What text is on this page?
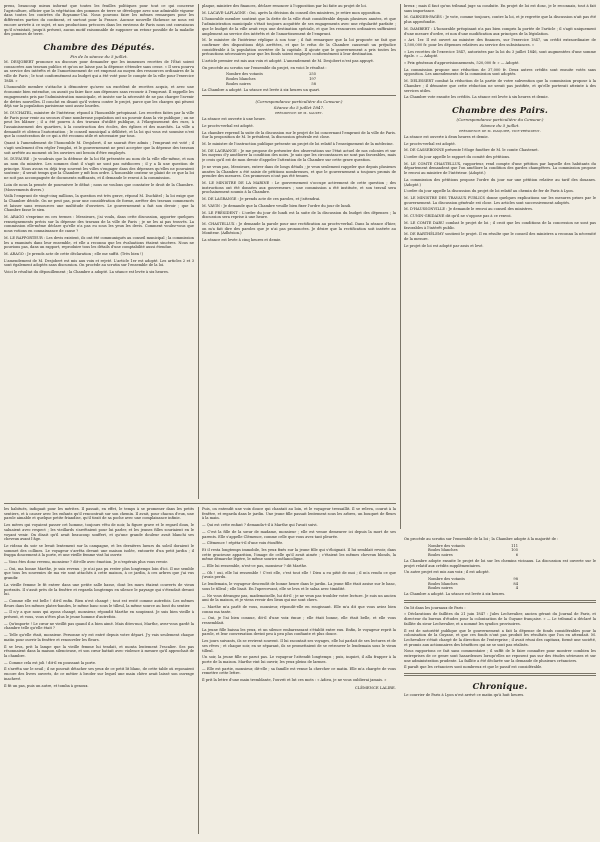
prens, beaucoup mieux informé que toutes les feuilles politiques pour tout ce qui concerne l'agriculture, officier que la végétation des pommes de terre se développe avec une admirable vigueur dans toutes les contrées du Royaume-Uni. Nous pouvons faire les mêmes remarques pour les différentes parties du continent, et surtout pour la France. Aucune nouvelle fâcheuse ne nous est encore arrivée à ce sujet, et nos productions précoces dans les environs de Paris nous ont convaincus qu'il n'existait, jusqu'à présent, aucun motif raisonnable de supposer un retour possible de la maladie des pommes de terre.

Chambre des Députés.
Fin de la séance du 5 juillet.

M. DESJOBERT prononce un discours pour demander que les immenses recettes de l'État soient consacrées aux travaux publics et qu'on ne laisse pas la dépense s'étendre sans cesse. « Il sera pourvu au service des intérêts et de l'amortissement de cet emprunt au moyen des ressources ordinaires de la ville de Paris ; le tout conformément au budget qui a été voté pour le compte de la ville pour l'exercice 1848. »

L'honorable membre s'attache à démontrer qu'avec un excédent de recettes acquis, et avec une économie bien entendue, on aurait pu faire face aux dépenses sans recourir à l'emprunt. Il rappelle les engagements pris par l'administration municipale, et insiste sur la nécessité de ne pas charger l'avenir de dettes nouvelles. Il conclut en disant qu'il votera contre le projet, parce que les charges qui pèsent déjà sur la population parisienne sont assez lourdes.

M. DUCHATEL, ministre de l'intérieur, répond à l'honorable préopinant. Les recettes faites par la ville de Paris pour venir au secours d'une nombreuse population ont un pouvoir dans la vie publique ; on ne peut les blâmer ; il a été pourvu à des travaux d'utilité publique, à l'élargissement des rues, à l'assainissement des quartiers, à la construction des écoles, des églises et des marchés. La ville a demandé et obtenu l'autorisation ; le conseil municipal a délibéré, et la loi qui vous est soumise n'est que la consécration de ce qui a été reconnu utile et nécessaire par tous.

Quant à l'amendement de l'honorable M. Desjobert, il ne saurait être admis ; l'emprunt est voté ; il s'agit seulement d'en régler l'emploi, et le gouvernement ne peut accepter que la dépense des travaux soit arrêtée au moment où les ouvriers ont besoin d'être employés.

M. DUFAURE : Je voudrais que la défense de la loi fût présentée au nom de la ville elle-même, et non au nom du ministre. Les sommes dont il s'agit ne sont pas médiocres ; il y a là une question de principe. Nous avons vu déjà trop souvent les villes s'engager dans des dépenses qu'elles ne pouvaient soutenir ; il serait temps que la Chambre y mît bon ordre. L'honorable orateur se plaint de ce que la loi ne soit pas accompagnée de documents suffisants, et il demande le renvoi à la commission.

Loin de nous la pensée de poursuivre le débat ; nous ne voulons que constater le droit de la Chambre. (Mouvements divers.)

Voilà l'emprunt de vingt-cinq millions, la question est très grave, répond M. Duchâtel ; la loi exige que la Chambre décide. On ne peut pas, pour une considération de forme, arrêter des travaux commencés et laisser sans ressources une multitude d'ouvriers. Le gouvernement a fait son devoir ; que la Chambre fasse le sien.

M. ARAGO s'exprime en ces termes : Messieurs, j'ai voulu, dans cette discussion, apporter quelques renseignements précis sur la dépense des travaux de la ville de Paris ; je ne les ai pas trouvés. La commission elle-même déclare qu'elle n'a pas eu sous les yeux les devis. Comment voulez-vous que nous votions en connaissance de cause ?

M. LE RAPPORTEUR : Les devis existent, ils ont été communiqués au conseil municipal ; la commission les a examinés dans leur ensemble, et elle a reconnu que les évaluations étaient sincères. Nous ne pouvions pas, dans un rapport, reproduire tous les détails d'une comptabilité aussi étendue.

M. ARAGO : Je prends acte de cette déclaration ; elle me suffit. (Très bien !)

L'amendement de M. Desjobert est mis aux voix et rejeté. L'article 1er est adopté. Les articles 2 et 3 sont également adoptés sans discussion. On procède au scrutin sur l'ensemble de la loi.

Voici le résultat du dépouillement ; la Chambre a adopté. La séance est levée à six heures.

plaque, ministre des finances, déclare renoncer à l'opposition par lui faite au projet de loi.

M. LACAVE-LAPLAGNE : Oui, après la décision du conseil des ministres, je retire mon opposition.

L'honorable membre soutient que la dette de la ville était considérable depuis plusieurs années, et que l'administration municipale s'était toujours acquittée de ses engagements avec une régularité parfaite ; que le budget de la ville avait reçu une destination spéciale, et que les ressources ordinaires suffiraient amplement au service des intérêts et de l'amortissement de l'emprunt.

M. le ministre de l'intérieur réplique à son tour ; il fait remarquer que la loi proposée ne fait que confirmer des dispositions déjà arrêtées, et que le refus de la Chambre causerait un préjudice considérable à la population ouvrière de la capitale. Il ajoute que le gouvernement a pris toutes les précautions nécessaires pour que les fonds soient employés conformément à leur destination.

L'article premier est mis aux voix et adopté. L'amendement de M. Desjobert n'est pas appuyé.

On procède au scrutin sur l'ensemble du projet, en voici le résultat :

Nombre des votants	255
Boules blanches	197
Boules noires	58

La Chambre a adopté. La séance est levée à six heures un quart.

(Correspondance particulière du Censeur.)
Séance du 5 juillet 1847.
présidence de m. sauzet.

La séance est ouverte à une heure.

Le procès-verbal est adopté.

La chambre reprend la suite de la discussion sur le projet de loi concernant l'emprunt de la ville de Paris. Sur la proposition de M. le président, la discussion générale est close.

M. le ministre de l'instruction publique présente un projet de loi relatif à l'enseignement de la médecine.

M. DE LAGRANGE : Je me propose de présenter des observations sur l'état actuel de nos colonies et sur les moyens d'y améliorer la condition des noirs. Je sais que les circonstances ne sont pas favorables, mais je crois qu'il est de mon devoir d'appeler l'attention de la Chambre sur cette grave question.

Je ne veux pas, Messieurs, entrer dans de longs détails ; je veux seulement rappeler que depuis plusieurs années la Chambre a été saisie de pétitions nombreuses, et que le gouvernement a toujours promis de prendre des mesures. Ces promesses n'ont pas été tenues.

M. LE MINISTRE DE LA MARINE : Le gouvernement s'occupe activement de cette question ; des instructions ont été données aux gouverneurs ; une commission a été instituée, et son travail sera prochainement soumis à la Chambre.

M. DE LAGRANGE : Je prends acte de ces paroles, et j'attendrai.

M. VAVIN : Je demande que la Chambre veuille bien fixer l'ordre du jour de lundi.

M. LE PRÉSIDENT : L'ordre du jour de lundi est la suite de la discussion du budget des dépenses ; la discussion sera reprise à une heure.

M. CHASTELLUX : Je demande la parole pour une rectification au procès-verbal. Dans la séance d'hier, on m'a fait dire des paroles que je n'ai pas prononcées. Je désire que la rectification soit insérée au Moniteur. (Adhésion.)

La séance est levée à cinq heures et demie.

breux ; mais il faut qu'un tribunal juge sa conduite. En projet de loi est donc, je le reconnais, tout à fait sans importance.

M. GARNIER-PAGÈS : Je vote, comme toujours, contre la loi, et je regrette que la discussion n'ait pas été plus approfondie.

M. DAMBERT : L'honorable préopinant n'a pas bien compris la portée de l'article ; il s'agit uniquement d'une mesure d'ordre, et non d'une modification aux principes de la législation.

« Art. 1er. Il est ouvert au ministre des finances, sur l'exercice 1847, un crédit extraordinaire de 1,500,000 fr. pour les dépenses relatives au service des subsistances. »

« Les recettes de l'exercice 1847, autorisées par la loi du 3 juillet 1846, sont augmentées d'une somme égale. » — Adopté.

« Prix généraux d'approvisionnements, 520,000 fr. » — Adopté.

La commission propose une réduction de 37,000 fr. Deux autres crédits sont ensuite votés sans opposition. Les amendements de la commission sont adoptés.

M. DELESSERT combat la réduction de la partie de votre subvention que la commission propose à la Chambre ; il démontre que cette réduction ne serait pas justifiée, et qu'elle porterait atteinte à des services utiles.

La Chambre vote ensuite les crédits. La séance est levée à six heures et demie.

Chambre des Pairs.
(Correspondance particulière du Censeur.)
Séance du 5 juillet.
présidence de m. pasquier, vice-président.

La séance est ouverte à deux heures et demie.

Le procès-verbal est adopté.

M. DE CASSEBONNE présente l'éloge funèbre de M. le comte Chastenet.

L'ordre du jour appelle le rapport du comité des pétitions.

M. LE COMTE CHASTELLUX, rapporteur, rend compte d'une pétition par laquelle des habitants du département demandent que l'on améliore la condition des gardes champêtres. La commission propose le renvoi au ministre de l'intérieur. (Adopté.)

La commission des pétitions propose l'ordre du jour sur une pétition relative au tarif des douanes. (Adopté.)

L'ordre du jour appelle la discussion du projet de loi relatif au chemin de fer de Paris à Lyon.

M. LE MINISTRE DES TRAVAUX PUBLICS donne quelques explications sur les mesures prises par le gouvernement. La discussion générale est close. Les articles sont successivement adoptés.

M. D'HAUSSONVILLE : Je demande le renvoi au conseil des ministres.

M. CUNIN-GRIDAINE dit qu'il ne s'oppose pas à ce renvoi.

M. LE COMTE DARU combat le projet de loi ; il croit que les conditions de la concession ne sont pas favorables à l'intérêt public.

M. DE BARTHÉLEMY soutient le projet. Il en résulte que le conseil des ministres a reconnu la nécessité de la mesure.

Le projet de loi est adopté par assis et levé.

On procède au scrutin sur l'ensemble de la loi ; la Chambre adopte à la majorité de :

Nombre des votants	111
Boules blanches	105
Boules noires	6

La Chambre adopte ensuite le projet de loi sur les chemins vicinaux. La discussion est ouverte sur le projet relatif aux crédits supplémentaires.

Un autre projet est mis aux voix ; il est adopté.

Nombre des votants	98
Boules blanches	84
Boules noires	4

La Chambre a adopté. La séance est levée à six heures.

On lit dans les journaux de Paris :

« Déclarations de faillites du 21 juin 1847 : Jules Lechevalier, ancien gérant du Journal de Paris, et directeur du bureau d'études pour la colonisation de la Guyane française. » — Le tribunal a déclaré la faillite du sieur Lechevalier, et a nommé les syndics provisoires.

Il est de notoriété publique que le gouvernement a fait la dépense de fonds considérables pour la colonisation de la Guyane, et que ces fonds n'ont pas produit les résultats que l'on en attendait. M. Lechevalier s'était chargé de la direction de l'entreprise ; il avait réuni des capitaux, formé une société, et promis aux actionnaires des bénéfices qui ne se sont pas réalisés.

Nous rapportons ce fait sans commentaire ; il suffit de le faire connaître pour montrer combien les entreprises de ce genre sont hasardeuses lorsqu'elles ne reposent pas sur des études sérieuses et sur une administration prudente. La faillite a été déclarée sur la demande de plusieurs créanciers.

Il paraît que les créanciers sont nombreux et que le passif est considérable.

Chronique.

Le courrier de Paris à Lyon n'est arrivé ce matin qu'à huit heures.

les habitués, indiquait pour les mérites. Il passait, en effet, le temps à se promener dans les petits sentiers, et à causer avec les enfants qu'il rencontrait sur son chemin. Il avait, pour chacun d'eux, une parole aimable et quelque petite friandise, qu'il tirait de sa poche avec une complaisance infinie.

Les mères qui voyaient passer cet homme, toujours vêtu de noir, la figure grave et le regard doux, le saluaient avec respect ; les vieillards s'arrêtaient pour lui parler, et les jeunes filles souriaient en le voyant venir. On disait qu'il avait beaucoup souffert, et qu'une grande douleur avait blanchi ses cheveux avant l'âge.

Le rideau du soir se levait lentement sur la campagne, et les dernières lueurs du soleil doraient le sommet des collines. Le voyageur s'arrêta devant une maison isolée, entourée d'un petit jardin ; il frappa doucement à la porte, et une vieille femme vint lui ouvrir.

— Vous êtes donc revenu, monsieur ? dit-elle avec émotion. Je n'espérais plus vous revoir.

— Oui, ma bonne Marthe, je suis revenu ; je n'ai pas pu rester plus longtemps loin d'ici. Il me semble que tous les souvenirs de ma vie sont attachés à cette maison, à ce jardin, à ces arbres que j'ai vus grandir.

La vieille femme le fit entrer dans une petite salle basse, dont les murs étaient couverts de vieux portraits. Il s'assit près de la fenêtre et regarda longtemps en silence le paysage qui s'étendait devant lui.

— Comme elle est belle ! dit-il enfin. Rien n'est changé ; tout est resté comme autrefois. Les mêmes fleurs dans les mêmes plates-bandes, le même banc sous le tilleul, la même source au bout du sentier.

— Il n'y a que nous qui ayons changé, monsieur, répondit Marthe en soupirant. Je suis bien vieille à présent, et vous, vous n'êtes plus le jeune homme d'autrefois.

— Qu'importe ! Le cœur ne vieillit pas quand il a bien aimé. Mais dites-moi, Marthe, avez-vous gardé la chambre telle qu'elle était ?

— Telle qu'elle était, monsieur. Personne n'y est entré depuis votre départ. J'y vais seulement chaque matin pour ouvrir la fenêtre et renouveler les fleurs.

Il se leva, prit la lampe que la vieille femme lui tendait, et monta lentement l'escalier. Ses pas résonnaient dans la maison silencieuse, et son cœur battait avec violence à mesure qu'il approchait de la chambre.

— Comme cela est joli ! dit-il en poussant la porte.

Il s'arrêta sur le seuil ; il ne pouvait détacher ses yeux de ce petit lit blanc, de cette table où reposaient encore des livres ouverts, de ce métier à broder sur lequel une main chère avait laissé son ouvrage inachevé.

Il fit un pas, puis un autre, et tomba à genoux.

Puis, on entendit une voix douce qui chantait au loin, et le voyageur tressaillit. Il se releva, courut à la fenêtre, et regarda dans le jardin. Une jeune fille passait lentement sous les arbres, un bouquet de fleurs à la main.

— Qui est cette enfant ? demanda-t-il à Marthe qui l'avait suivi.

— C'est la fille de la sœur de madame, monsieur ; elle est venue demeurer ici depuis la mort de ses parents. Elle s'appelle Clémence, comme celle que vous avez tant pleurée.

— Clémence ! répéta-t-il d'une voix étouffée.

Et il resta longtemps immobile, les yeux fixés sur la jeune fille qui s'éloignait. Il lui semblait revoir, dans cette gracieuse apparition, l'image de celle qu'il avait aimée ; c'étaient les mêmes cheveux blonds, la même démarche légère, le même sourire mélancolique.

— Elle lui ressemble, n'est-ce pas, monsieur ? dit Marthe.

— Oh ! oui, elle lui ressemble ! C'est elle, c'est tout elle ! Dieu a eu pitié de moi ; il m'a rendu ce que j'avais perdu.

Le lendemain, le voyageur descendit de bonne heure dans le jardin. La jeune fille était assise sur le banc, sous le tilleul ; elle lisait. En l'apercevant, elle se leva et le salua avec timidité.

— Ne vous dérangez pas, mademoiselle, lui dit-il ; je ne veux pas troubler votre lecture. Je suis un ancien ami de la maison, et je viens revoir des lieux qui me sont chers.

— Marthe m'a parlé de vous, monsieur, répondit-elle en rougissant. Elle m'a dit que vous aviez bien connu ma tante.

— Oui, je l'ai bien connue, dit-il d'une voix émue ; elle était bonne, elle était belle, et elle vous ressemblait.

La jeune fille baissa les yeux, et un silence embarrassant s'établit entre eux. Enfin, le voyageur reprit la parole, et leur conversation devint peu à peu plus confiante et plus douce.

Les jours suivants, ils se revirent souvent. Il lui racontait ses voyages, elle lui parlait de ses lectures et de ses rêves ; et chaque soir, en se séparant, ils se promettaient de se retrouver le lendemain sous le vieux tilleul.

Un soir, la jeune fille ne parut pas. Le voyageur l'attendit longtemps ; puis, inquiet, il alla frapper à la porte de la maison. Marthe vint lui ouvrir, les yeux pleins de larmes.

— Elle est partie, monsieur, dit-elle ; sa famille est venue la chercher ce matin. Elle m'a chargée de vous remettre cette lettre.

Il prit la lettre d'une main tremblante, l'ouvrit et lut ces mots : « Adieu, je ne vous oublierai jamais. »

CLÉMENCE LALIRE.
